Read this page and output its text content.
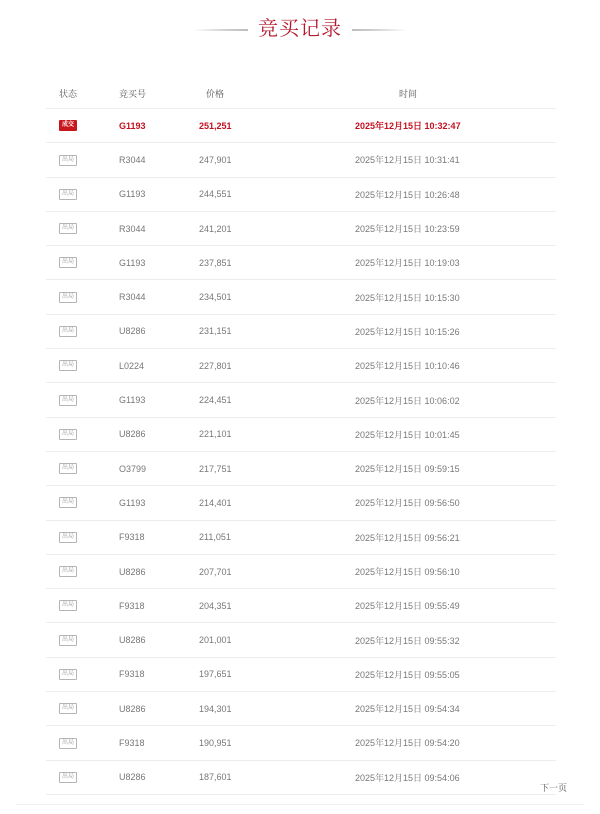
竞买记录
状态	竞买号	价格	时间
成交	G1193	251,251	2025年12月15日 10:32:47
出局	R3044	247,901	2025年12月15日 10:31:41
出局	G1193	244,551	2025年12月15日 10:26:48
出局	R3044	241,201	2025年12月15日 10:23:59
出局	G1193	237,851	2025年12月15日 10:19:03
出局	R3044	234,501	2025年12月15日 10:15:30
出局	U8286	231,151	2025年12月15日 10:15:26
出局	L0224	227,801	2025年12月15日 10:10:46
出局	G1193	224,451	2025年12月15日 10:06:02
出局	U8286	221,101	2025年12月15日 10:01:45
出局	O3799	217,751	2025年12月15日 09:59:15
出局	G1193	214,401	2025年12月15日 09:56:50
出局	F9318	211,051	2025年12月15日 09:56:21
出局	U8286	207,701	2025年12月15日 09:56:10
出局	F9318	204,351	2025年12月15日 09:55:49
出局	U8286	201,001	2025年12月15日 09:55:32
出局	F9318	197,651	2025年12月15日 09:55:05
出局	U8286	194,301	2025年12月15日 09:54:34
出局	F9318	190,951	2025年12月15日 09:54:20
出局	U8286	187,601	2025年12月15日 09:54:06
下一页
